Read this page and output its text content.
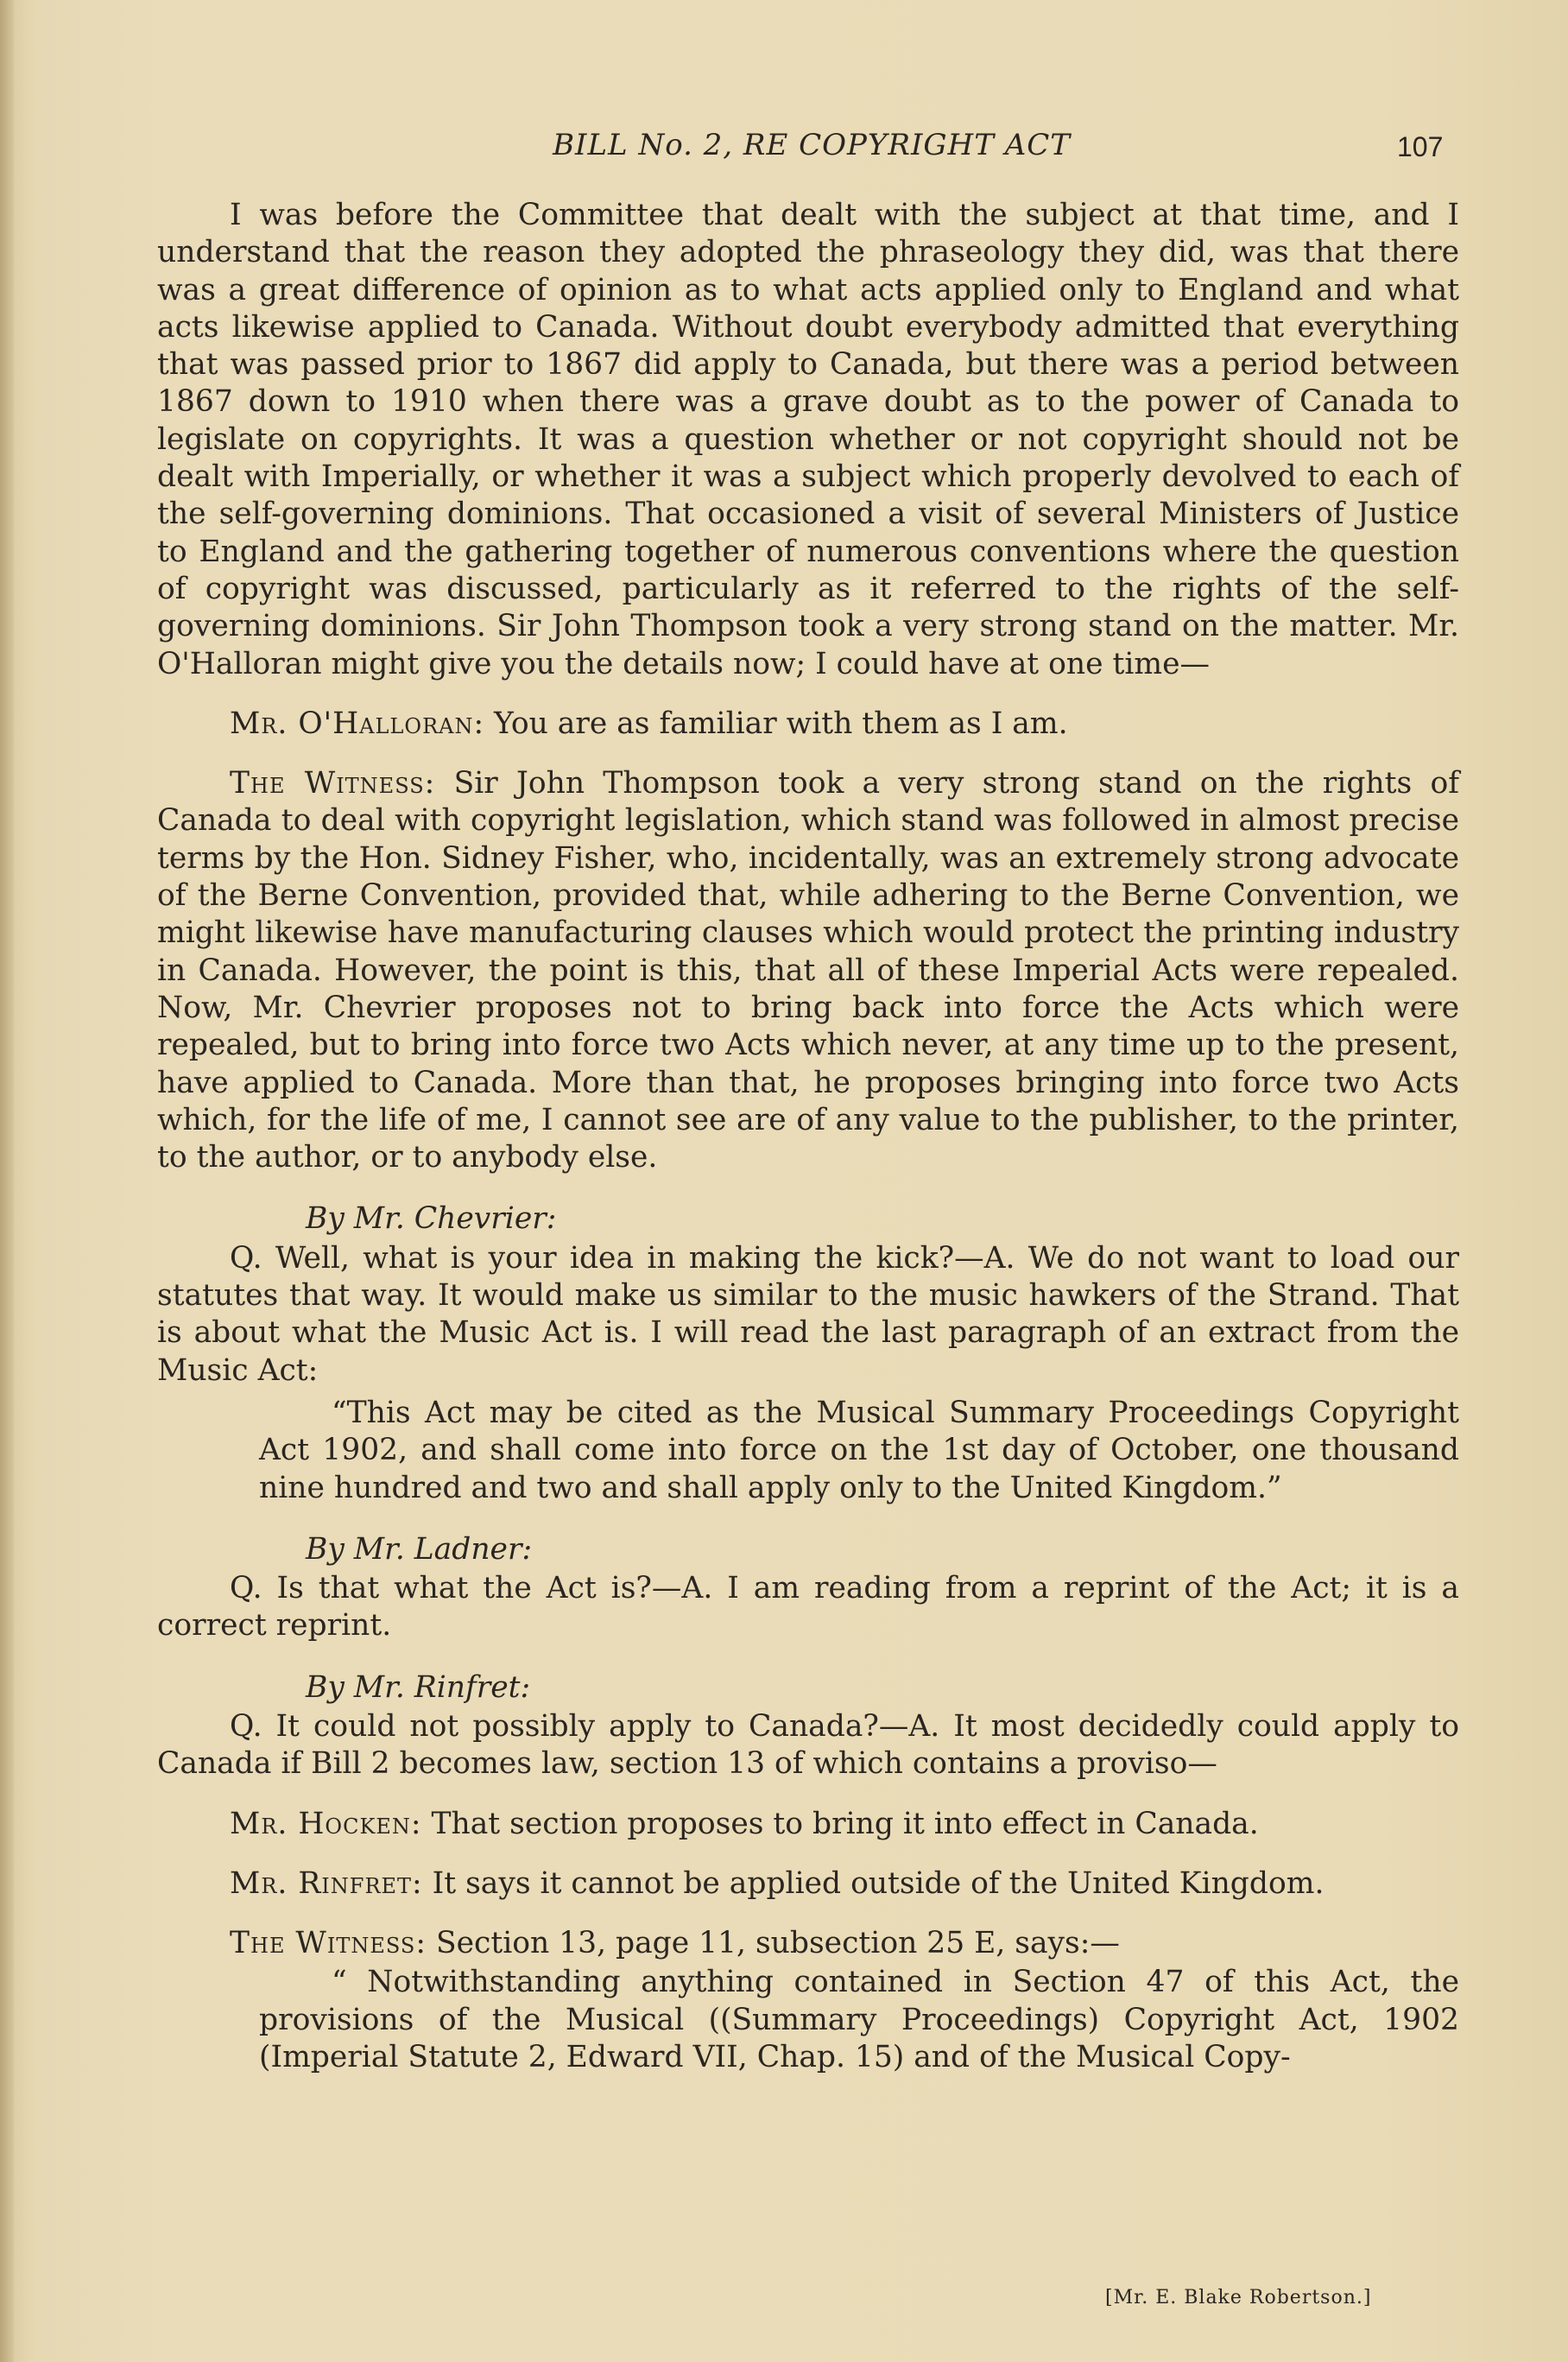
BILL No. 2, RE COPYRIGHT ACT	107

I was before the Committee that dealt with the subject at that time, and I understand that the reason they adopted the phraseology they did, was that there was a great difference of opinion as to what acts applied only to England and what acts likewise applied to Canada. Without doubt everybody admitted that everything that was passed prior to 1867 did apply to Canada, but there was a period between 1867 down to 1910 when there was a grave doubt as to the power of Canada to legislate on copyrights. It was a question whether or not copyright should not be dealt with Imperially, or whether it was a subject which properly devolved to each of the self-governing dominions. That occasioned a visit of several Ministers of Justice to England and the gathering together of numerous conventions where the question of copyright was discussed, particularly as it referred to the rights of the self-governing dominions. Sir John Thompson took a very strong stand on the matter. Mr. O'Halloran might give you the details now; I could have at one time—

Mr. O'Halloran: You are as familiar with them as I am.

The Witness: Sir John Thompson took a very strong stand on the rights of Canada to deal with copyright legislation, which stand was followed in almost precise terms by the Hon. Sidney Fisher, who, incidentally, was an extremely strong advocate of the Berne Convention, provided that, while adhering to the Berne Convention, we might likewise have manufacturing clauses which would protect the printing industry in Canada. However, the point is this, that all of these Imperial Acts were repealed. Now, Mr. Chevrier proposes not to bring back into force the Acts which were repealed, but to bring into force two Acts which never, at any time up to the present, have applied to Canada. More than that, he proposes bringing into force two Acts which, for the life of me, I cannot see are of any value to the publisher, to the printer, to the author, or to anybody else.

By Mr. Chevrier:

Q. Well, what is your idea in making the kick?—A. We do not want to load our statutes that way. It would make us similar to the music hawkers of the Strand. That is about what the Music Act is. I will read the last paragraph of an extract from the Music Act:

“This Act may be cited as the Musical Summary Proceedings Copyright Act 1902, and shall come into force on the 1st day of October, one thousand nine hundred and two and shall apply only to the United Kingdom.”

By Mr. Ladner:

Q. Is that what the Act is?—A. I am reading from a reprint of the Act; it is a correct reprint.

By Mr. Rinfret:

Q. It could not possibly apply to Canada?—A. It most decidedly could apply to Canada if Bill 2 becomes law, section 13 of which contains a proviso—

Mr. Hocken: That section proposes to bring it into effect in Canada.

Mr. Rinfret: It says it cannot be applied outside of the United Kingdom.

The Witness: Section 13, page 11, subsection 25 E, says:—

“ Notwithstanding anything contained in Section 47 of this Act, the provisions of the Musical ((Summary Proceedings) Copyright Act, 1902 (Imperial Statute 2, Edward VII, Chap. 15) and of the Musical Copy-

[Mr. E. Blake Robertson.]
